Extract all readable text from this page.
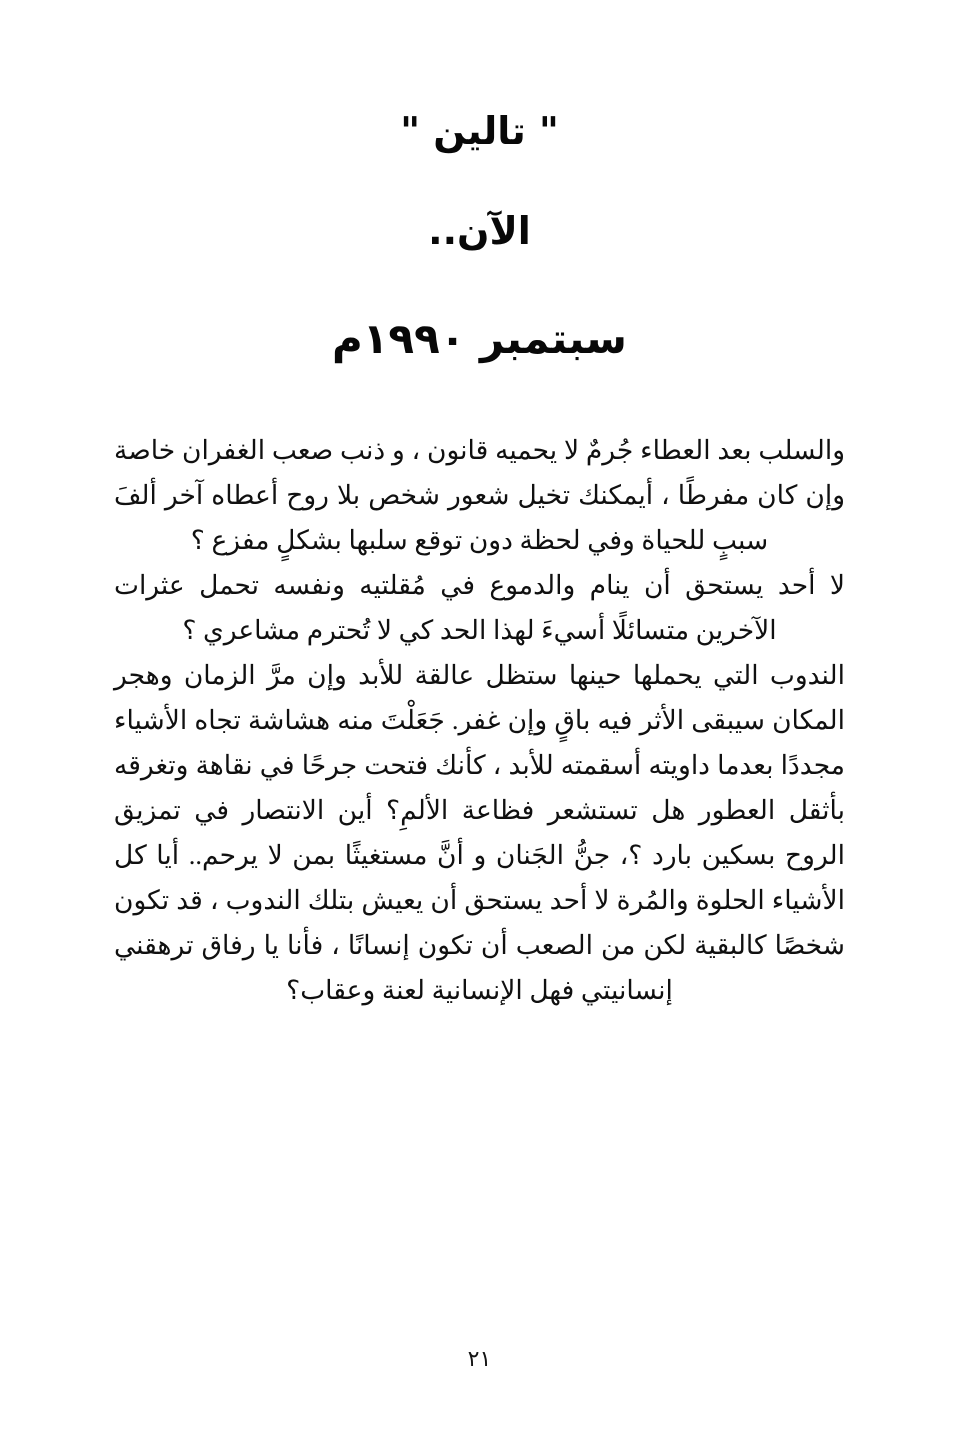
" تالين "
الآن..
سبتمبر ١٩٩٠م

والسلب بعد العطاء جُرمٌ لا يحميه قانون ، و ذنب صعب الغفران خاصة وإن كان مفرطًا ، أيمكنك تخيل شعور شخص بلا روح أعطاه آخر ألفَ سببٍ للحياة وفي لحظة دون توقع سلبها بشكلٍ مفزع ؟

لا أحد يستحق أن ينام والدموع في مُقلتيه ونفسه تحمل عثرات الآخرين متسائلًا أسيءَ لهذا الحد كي لا تُحترم مشاعري ؟

الندوب التي يحملها حينها ستظل عالقة للأبد وإن مرَّ الزمان وهجر المكان سيبقى الأثر فيه باقٍ وإن غفر. جَعَلْتَ منه هشاشة تجاه الأشياء مجددًا بعدما داويته أسقمته للأبد ، كأنك فتحت جرحًا في نقاهة وتغرقه بأثقل العطور هل تستشعر فظاعة الألمِ؟ أين الانتصار في تمزيق الروح بسكين بارد ؟، جنُّ الجَنان و أنَّ مستغيثًا بمن لا يرحم.. أيا كل الأشياء الحلوة والمُرة لا أحد يستحق أن يعيش بتلك الندوب ، قد تكون شخصًا كالبقية لكن من الصعب أن تكون إنسانًا ، فأنا يا رفاق ترهقني إنسانيتي فهل الإنسانية لعنة وعقاب؟

٢١
